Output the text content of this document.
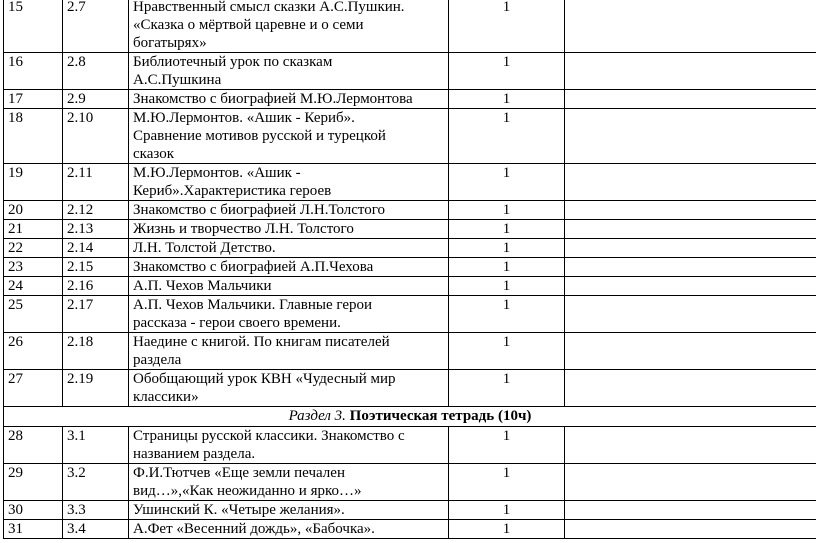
15	2.7	Нравственный смысл сказки А.С.Пушкин.
«Сказка о мёртвой царевне и о семи
богатырях»	1	
16	2.8	Библиотечный урок по сказкам
А.С.Пушкина	1	
17	2.9	Знакомство с биографией М.Ю.Лермонтова	1	
18	2.10	М.Ю.Лермонтов. «Ашик - Кериб».
Сравнение мотивов русской и турецкой
сказок	1	
19	2.11	М.Ю.Лермонтов. «Ашик -
Кериб».Характеристика героев	1	
20	2.12	Знакомство с биографией Л.Н.Толстого	1	
21	2.13	Жизнь и творчество Л.Н. Толстого	1	
22	2.14	Л.Н. Толстой Детство.	1	
23	2.15	Знакомство с биографией А.П.Чехова	1	
24	2.16	А.П. Чехов Мальчики	1	
25	2.17	А.П. Чехов Мальчики. Главные герои
рассказа - герои своего времени.	1	
26	2.18	Наедине с книгой. По книгам писателей
раздела	1	
27	2.19	Обобщающий урок КВН «Чудесный мир
классики»	1	
Раздел 3. Поэтическая тетрадь (10ч)				
28	3.1	Страницы русской классики. Знакомство с
названием раздела.	1	
29	3.2	Ф.И.Тютчев «Еще земли печален
вид…»,«Как неожиданно и ярко…»	1	
30	3.3	Ушинский К. «Четыре желания».	1	
31	3.4	А.Фет «Весенний дождь», «Бабочка».	1	
